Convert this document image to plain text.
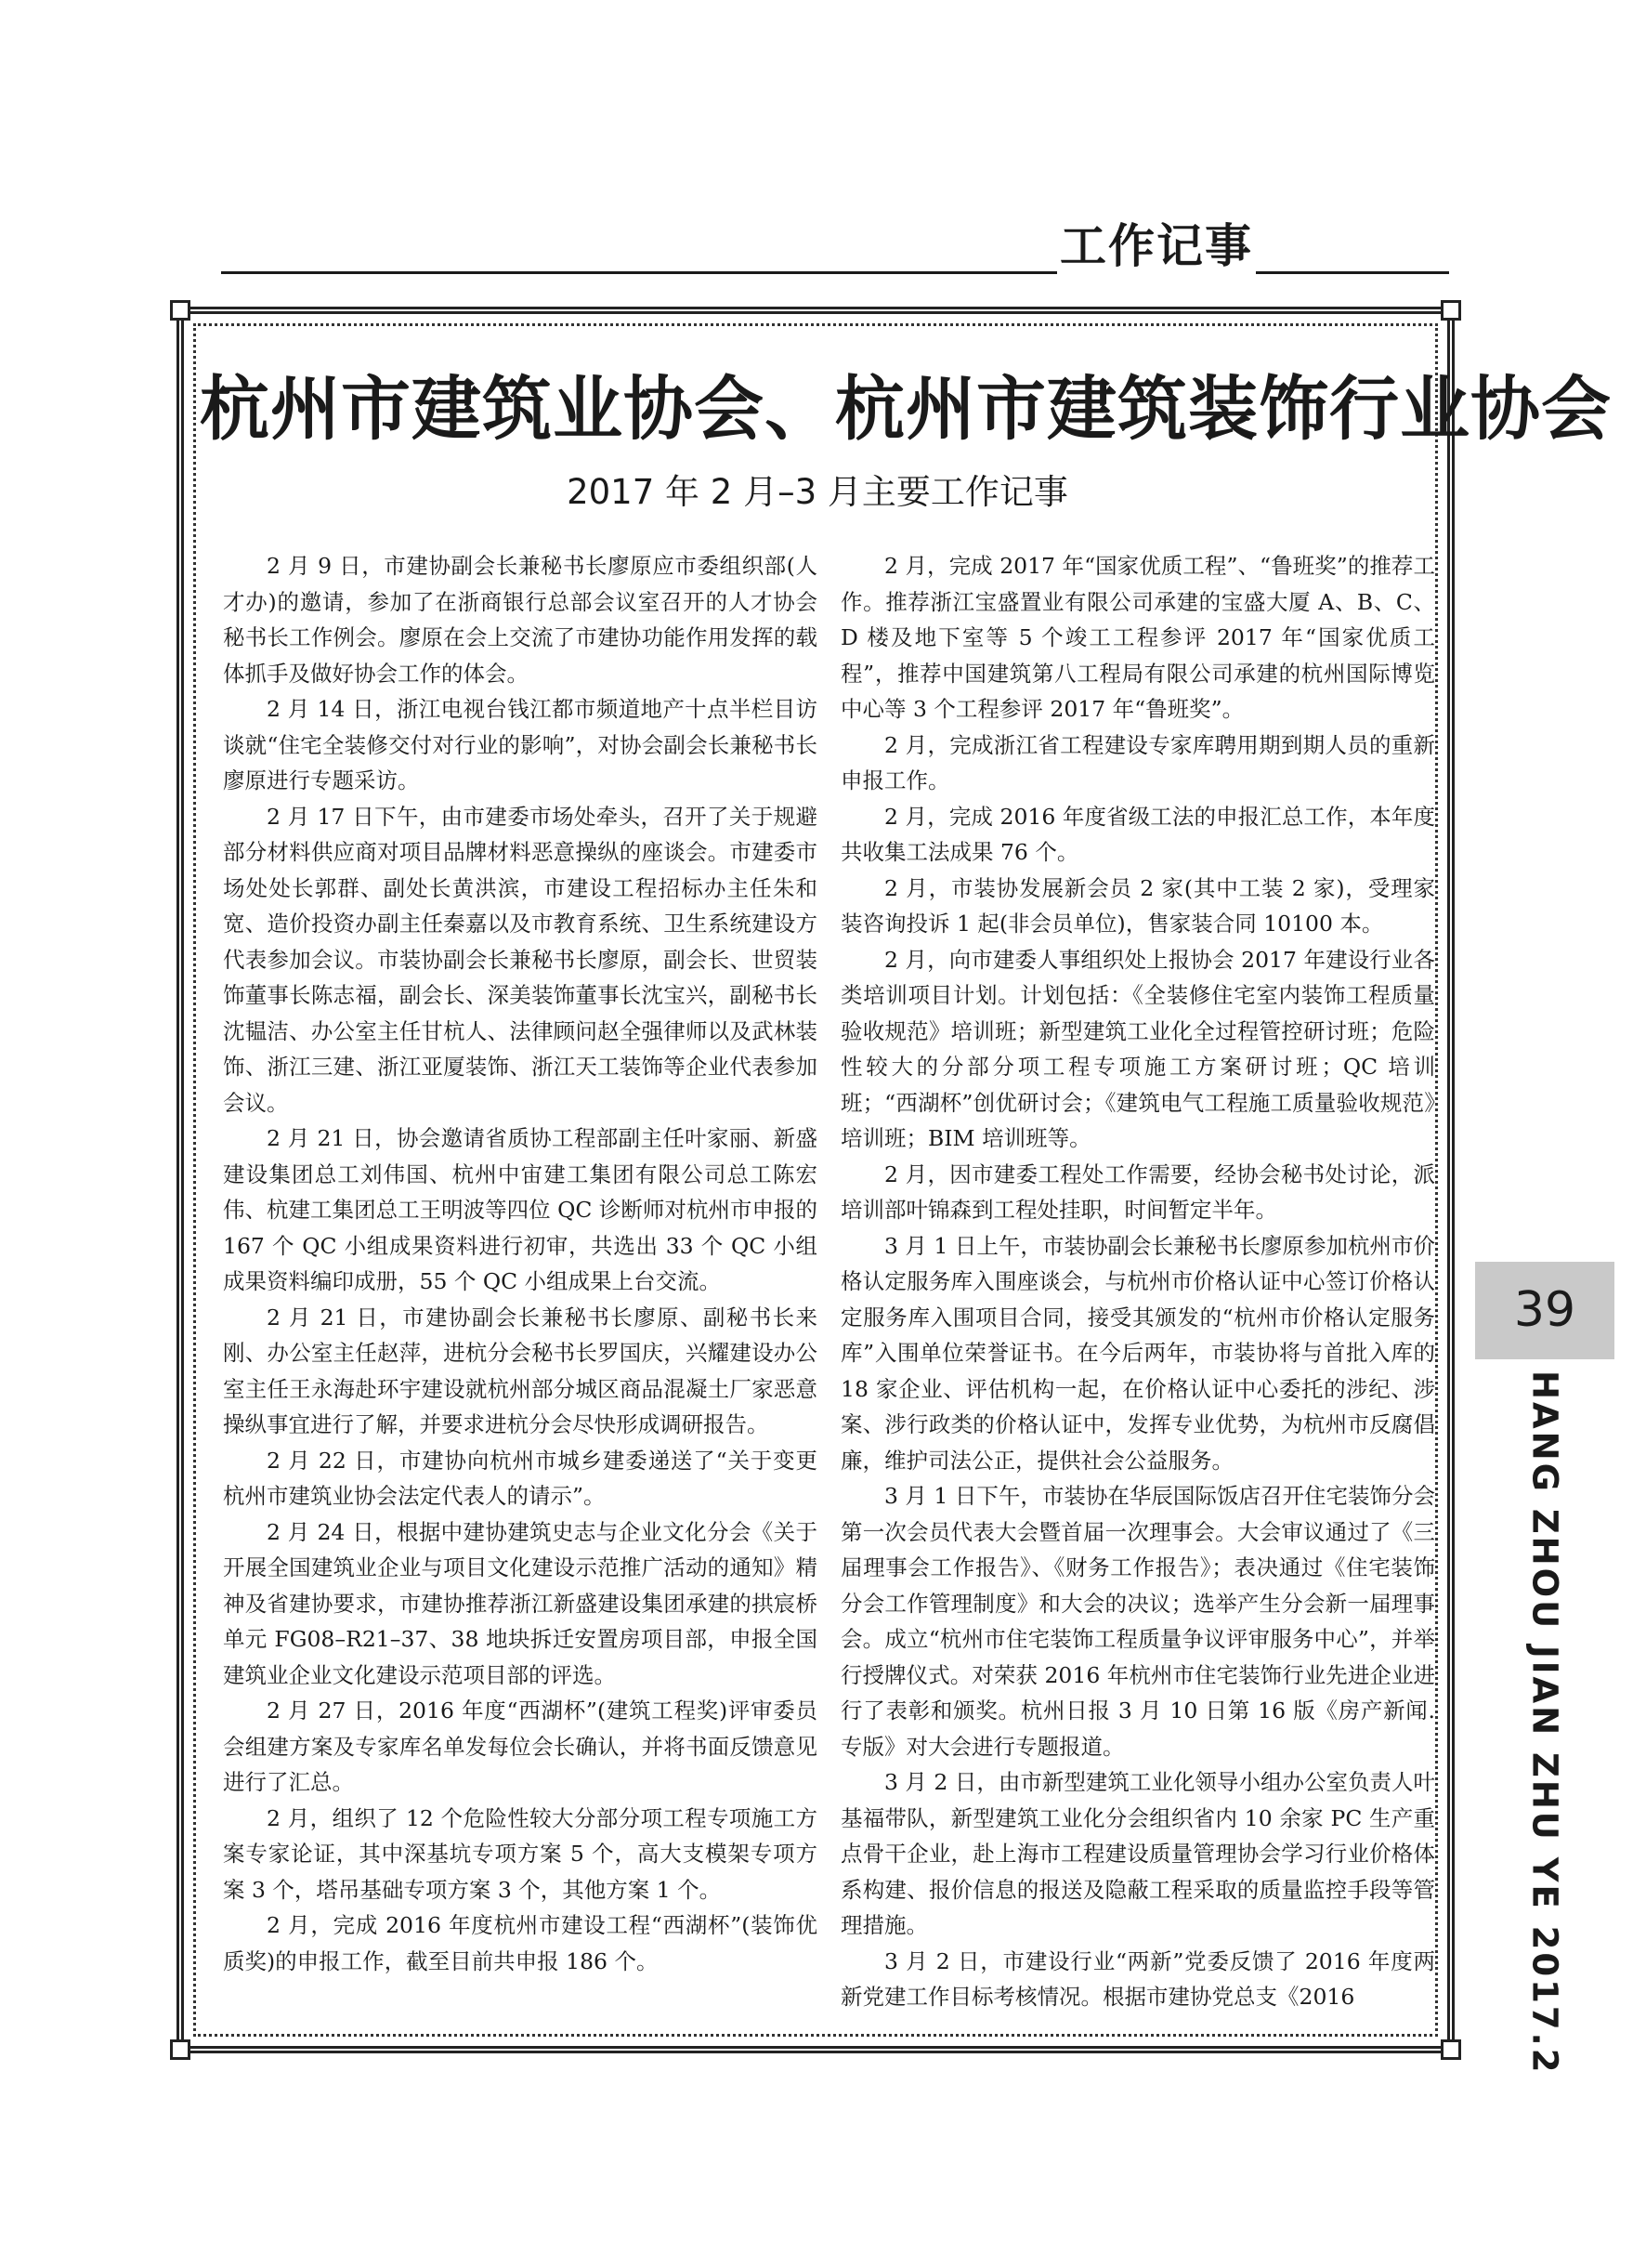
工作记事
杭州市建筑业协会、杭州市建筑装饰行业协会
2017 年 2 月–3 月主要工作记事

2 月 9 日，市建协副会长兼秘书长廖原应市委组织部(人才办)的邀请，参加了在浙商银行总部会议室召开的人才协会秘书长工作例会。廖原在会上交流了市建协功能作用发挥的载体抓手及做好协会工作的体会。

2 月 14 日，浙江电视台钱江都市频道地产十点半栏目访谈就“住宅全装修交付对行业的影响”，对协会副会长兼秘书长廖原进行专题采访。

2 月 17 日下午，由市建委市场处牵头，召开了关于规避部分材料供应商对项目品牌材料恶意操纵的座谈会。市建委市场处处长郭群、副处长黄洪滨，市建设工程招标办主任朱和宽、造价投资办副主任秦嘉以及市教育系统、卫生系统建设方代表参加会议。市装协副会长兼秘书长廖原，副会长、世贸装饰董事长陈志福，副会长、深美装饰董事长沈宝兴，副秘书长沈韫洁、办公室主任甘杭人、法律顾问赵全强律师以及武林装饰、浙江三建、浙江亚厦装饰、浙江天工装饰等企业代表参加会议。

2 月 21 日，协会邀请省质协工程部副主任叶家丽、新盛建设集团总工刘伟国、杭州中宙建工集团有限公司总工陈宏伟、杭建工集团总工王明波等四位 QC 诊断师对杭州市申报的 167 个 QC 小组成果资料进行初审，共选出 33 个 QC 小组成果资料编印成册，55 个 QC 小组成果上台交流。

2 月 21 日，市建协副会长兼秘书长廖原、副秘书长来刚、办公室主任赵萍，进杭分会秘书长罗国庆，兴耀建设办公室主任王永海赴环宇建设就杭州部分城区商品混凝土厂家恶意操纵事宜进行了解，并要求进杭分会尽快形成调研报告。

2 月 22 日，市建协向杭州市城乡建委递送了“关于变更杭州市建筑业协会法定代表人的请示”。

2 月 24 日，根据中建协建筑史志与企业文化分会《关于开展全国建筑业企业与项目文化建设示范推广活动的通知》精神及省建协要求，市建协推荐浙江新盛建设集团承建的拱宸桥单元 FG08–R21–37、38 地块拆迁安置房项目部，申报全国建筑业企业文化建设示范项目部的评选。

2 月 27 日，2016 年度“西湖杯”(建筑工程奖)评审委员会组建方案及专家库名单发每位会长确认，并将书面反馈意见进行了汇总。

2 月，组织了 12 个危险性较大分部分项工程专项施工方案专家论证，其中深基坑专项方案 5 个，高大支模架专项方案 3 个，塔吊基础专项方案 3 个，其他方案 1 个。

2 月，完成 2016 年度杭州市建设工程“西湖杯”(装饰优质奖)的申报工作，截至目前共申报 186 个。

2 月，完成 2017 年“国家优质工程”、“鲁班奖”的推荐工作。推荐浙江宝盛置业有限公司承建的宝盛大厦 A、B、C、D 楼及地下室等 5 个竣工工程参评 2017 年“国家优质工程”，推荐中国建筑第八工程局有限公司承建的杭州国际博览中心等 3 个工程参评 2017 年“鲁班奖”。

2 月，完成浙江省工程建设专家库聘用期到期人员的重新申报工作。

2 月，完成 2016 年度省级工法的申报汇总工作，本年度共收集工法成果 76 个。

2 月，市装协发展新会员 2 家(其中工装 2 家)，受理家装咨询投诉 1 起(非会员单位)，售家装合同 10100 本。

2 月，向市建委人事组织处上报协会 2017 年建设行业各类培训项目计划。计划包括：《全装修住宅室内装饰工程质量验收规范》培训班；新型建筑工业化全过程管控研讨班；危险性较大的分部分项工程专项施工方案研讨班；QC 培训班；“西湖杯”创优研讨会；《建筑电气工程施工质量验收规范》培训班；BIM 培训班等。

2 月，因市建委工程处工作需要，经协会秘书处讨论，派培训部叶锦森到工程处挂职，时间暂定半年。

3 月 1 日上午，市装协副会长兼秘书长廖原参加杭州市价格认定服务库入围座谈会，与杭州市价格认证中心签订价格认定服务库入围项目合同，接受其颁发的“杭州市价格认定服务库”入围单位荣誉证书。在今后两年，市装协将与首批入库的 18 家企业、评估机构一起，在价格认证中心委托的涉纪、涉案、涉行政类的价格认证中，发挥专业优势，为杭州市反腐倡廉，维护司法公正，提供社会公益服务。

3 月 1 日下午，市装协在华辰国际饭店召开住宅装饰分会第一次会员代表大会暨首届一次理事会。大会审议通过了《三届理事会工作报告》、《财务工作报告》；表决通过《住宅装饰分会工作管理制度》和大会的决议；选举产生分会新一届理事会。成立“杭州市住宅装饰工程质量争议评审服务中心”，并举行授牌仪式。对荣获 2016 年杭州市住宅装饰行业先进企业进行了表彰和颁奖。杭州日报 3 月 10 日第 16 版《房产新闻.专版》对大会进行专题报道。

3 月 2 日，由市新型建筑工业化领导小组办公室负责人叶基福带队，新型建筑工业化分会组织省内 10 余家 PC 生产重点骨干企业，赴上海市工程建设质量管理协会学习行业价格体系构建、报价信息的报送及隐蔽工程采取的质量监控手段等管理措施。

3 月 2 日，市建设行业“两新”党委反馈了 2016 年度两新党建工作目标考核情况。根据市建协党总支《2016

39
HANG ZHOU JIAN ZHU YE 2017.2
